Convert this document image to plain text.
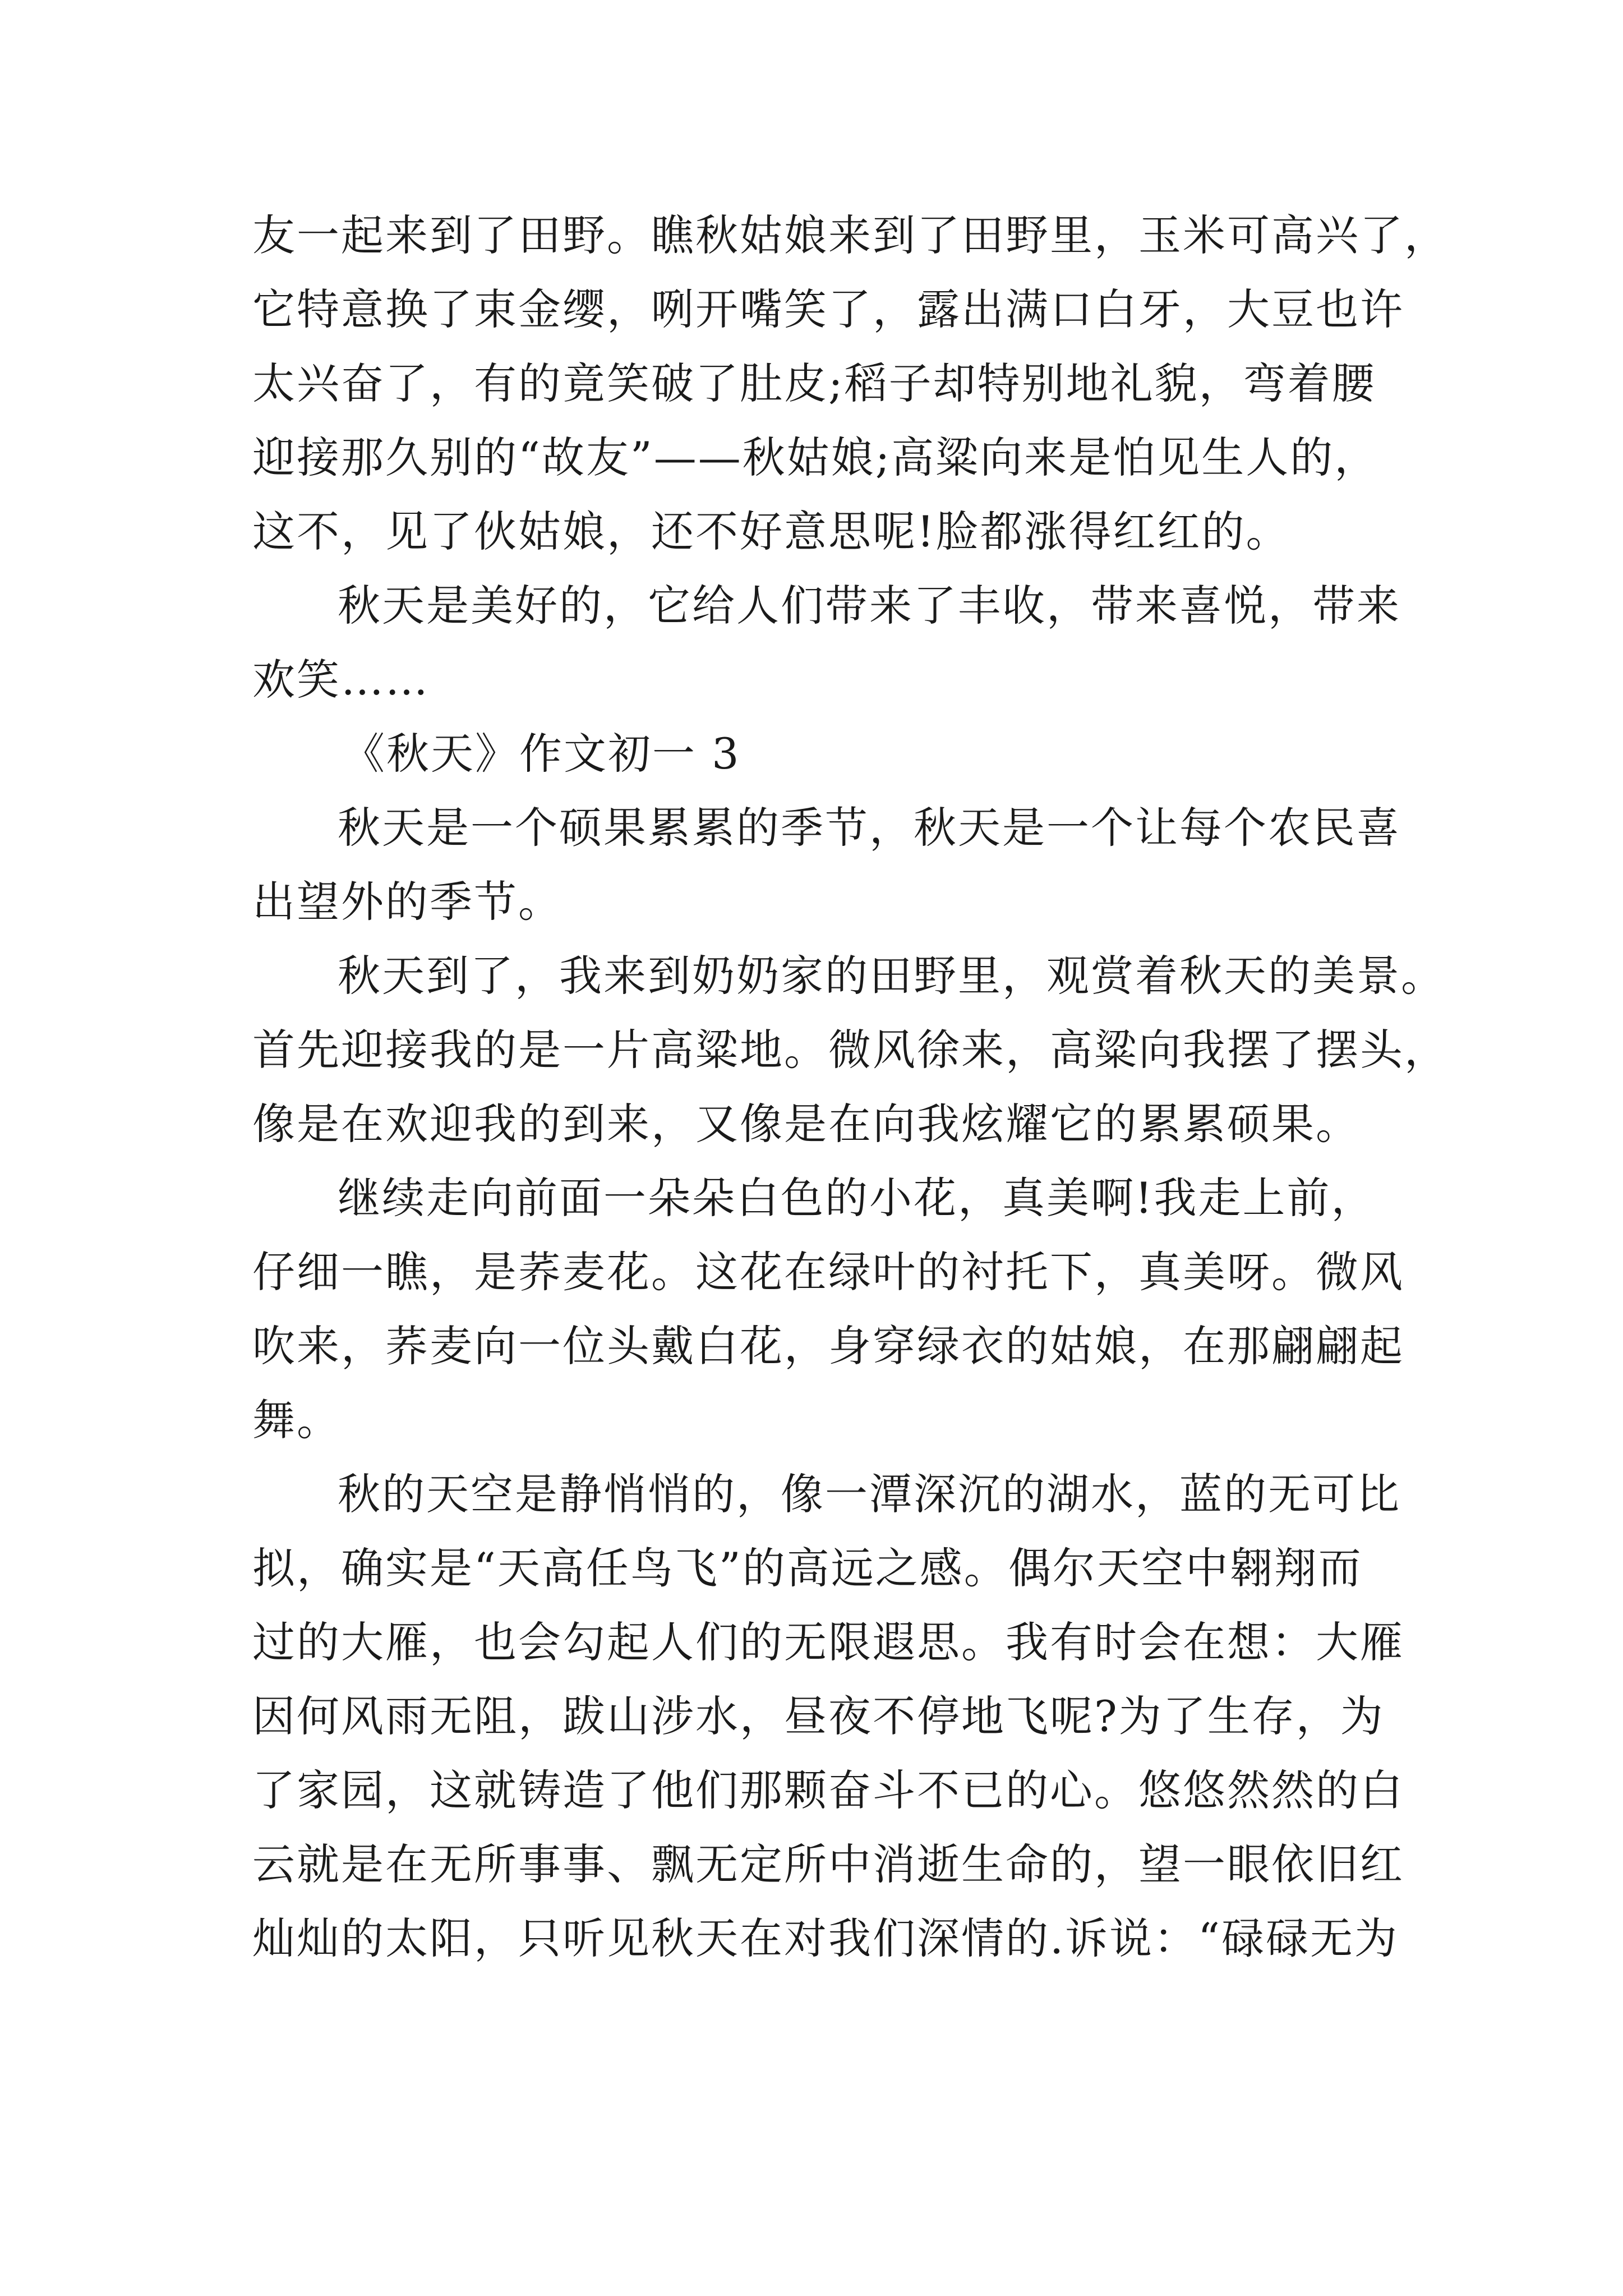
友一起来到了田野。瞧秋姑娘来到了田野里，玉米可高兴了，
它特意换了束金缨，咧开嘴笑了，露出满口白牙，大豆也许
太兴奋了，有的竟笑破了肚皮;稻子却特别地礼貌，弯着腰
迎接那久别的“故友”——秋姑娘;高粱向来是怕见生人的，
这不，见了伙姑娘，还不好意思呢!脸都涨得红红的。
秋天是美好的，它给人们带来了丰收，带来喜悦，带来
欢笑……
《秋天》作文初一 3
秋天是一个硕果累累的季节，秋天是一个让每个农民喜
出望外的季节。
秋天到了，我来到奶奶家的田野里，观赏着秋天的美景。
首先迎接我的是一片高粱地。微风徐来，高粱向我摆了摆头，
像是在欢迎我的到来，又像是在向我炫耀它的累累硕果。
继续走向前面一朵朵白色的小花，真美啊!我走上前，
仔细一瞧，是荞麦花。这花在绿叶的衬托下，真美呀。微风
吹来，荞麦向一位头戴白花，身穿绿衣的姑娘，在那翩翩起
舞。
秋的天空是静悄悄的，像一潭深沉的湖水，蓝的无可比
拟，确实是“天高任鸟飞”的高远之感。偶尔天空中翱翔而
过的大雁，也会勾起人们的无限遐思。我有时会在想：大雁
因何风雨无阻，跋山涉水，昼夜不停地飞呢?为了生存，为
了家园，这就铸造了他们那颗奋斗不已的心。悠悠然然的白
云就是在无所事事、飘无定所中消逝生命的，望一眼依旧红
灿灿的太阳，只听见秋天在对我们深情的.诉说：“碌碌无为
